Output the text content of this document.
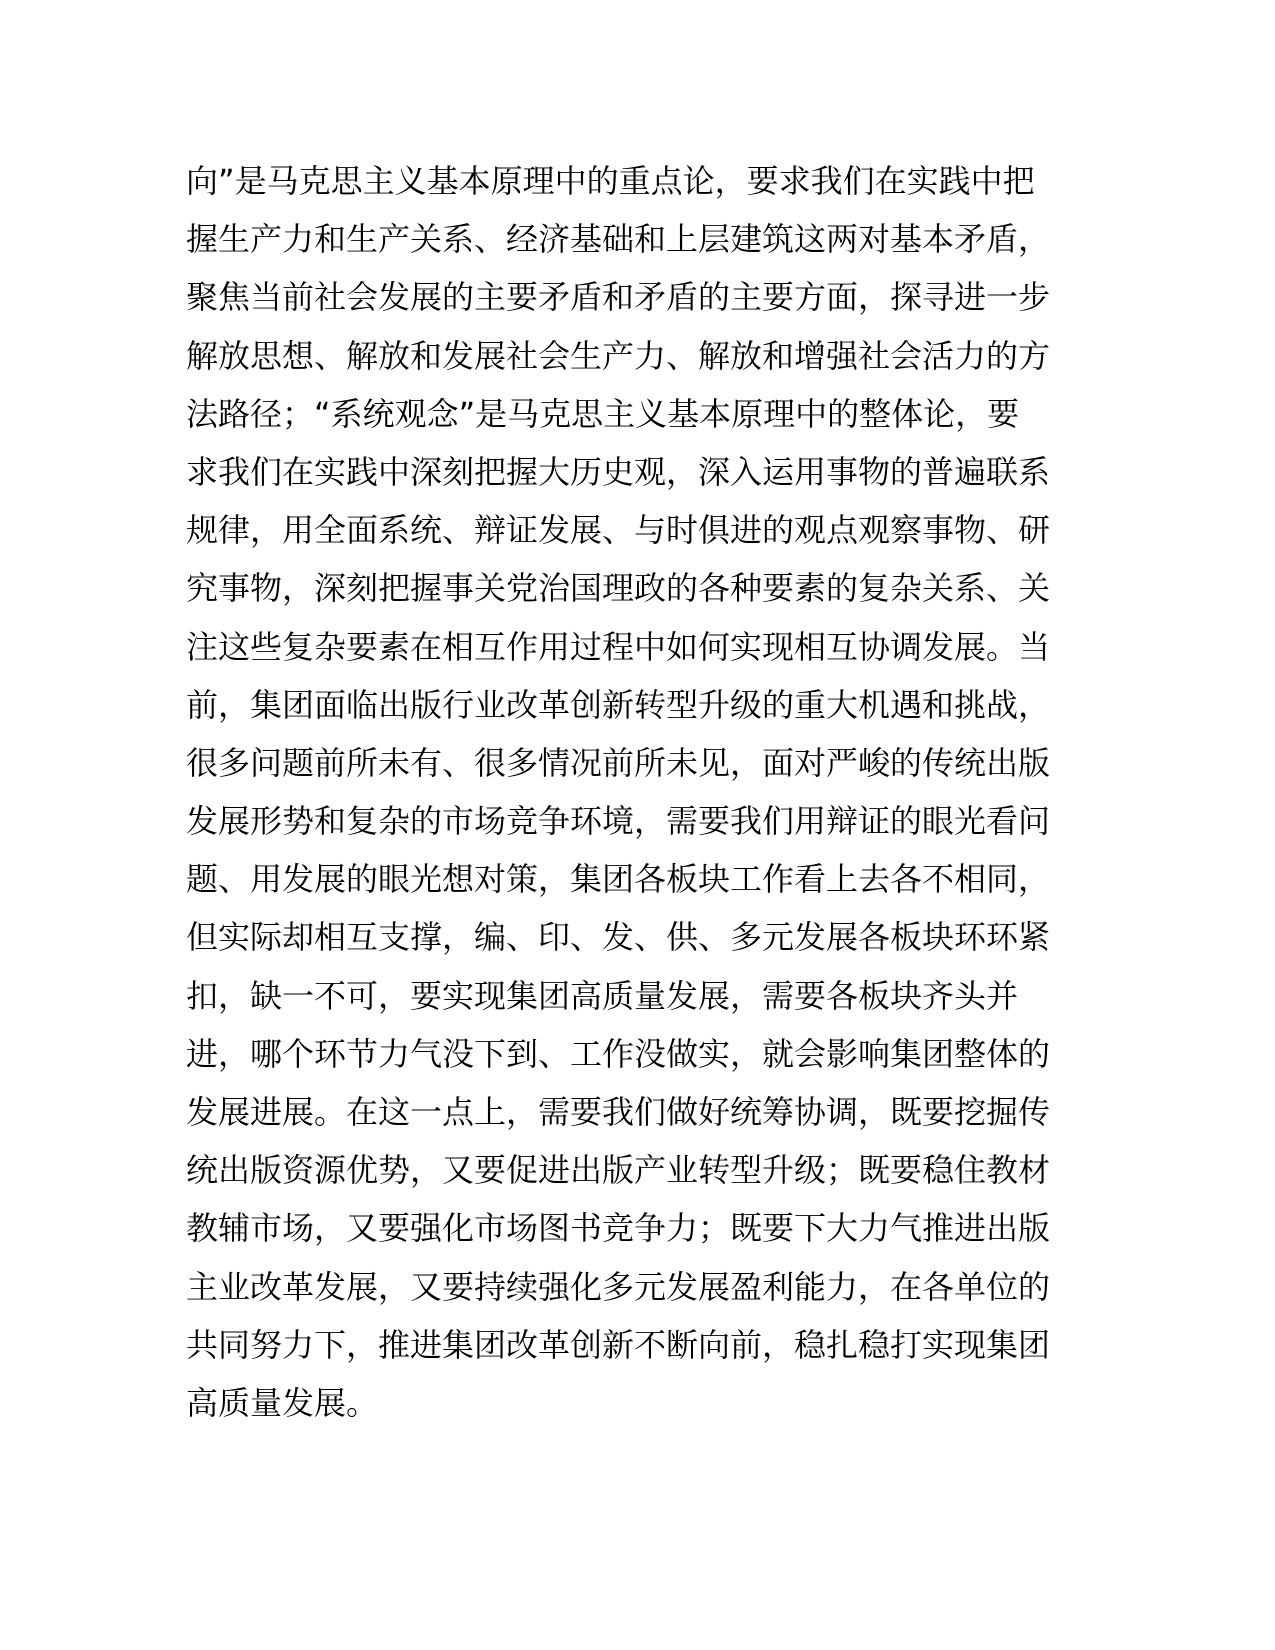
向”是马克思主义基本原理中的重点论，要求我们在实践中把
握生产力和生产关系、经济基础和上层建筑这两对基本矛盾，
聚焦当前社会发展的主要矛盾和矛盾的主要方面，探寻进一步
解放思想、解放和发展社会生产力、解放和增强社会活力的方
法路径；“系统观念”是马克思主义基本原理中的整体论，要
求我们在实践中深刻把握大历史观，深入运用事物的普遍联系
规律，用全面系统、辩证发展、与时俱进的观点观察事物、研
究事物，深刻把握事关党治国理政的各种要素的复杂关系、关
注这些复杂要素在相互作用过程中如何实现相互协调发展。当
前，集团面临出版行业改革创新转型升级的重大机遇和挑战，
很多问题前所未有、很多情况前所未见，面对严峻的传统出版
发展形势和复杂的市场竞争环境，需要我们用辩证的眼光看问
题、用发展的眼光想对策，集团各板块工作看上去各不相同，
但实际却相互支撑，编、印、发、供、多元发展各板块环环紧
扣，缺一不可，要实现集团高质量发展，需要各板块齐头并
进，哪个环节力气没下到、工作没做实，就会影响集团整体的
发展进展。在这一点上，需要我们做好统筹协调，既要挖掘传
统出版资源优势，又要促进出版产业转型升级；既要稳住教材
教辅市场，又要强化市场图书竞争力；既要下大力气推进出版
主业改革发展，又要持续强化多元发展盈利能力，在各单位的
共同努力下，推进集团改革创新不断向前，稳扎稳打实现集团
高质量发展。
